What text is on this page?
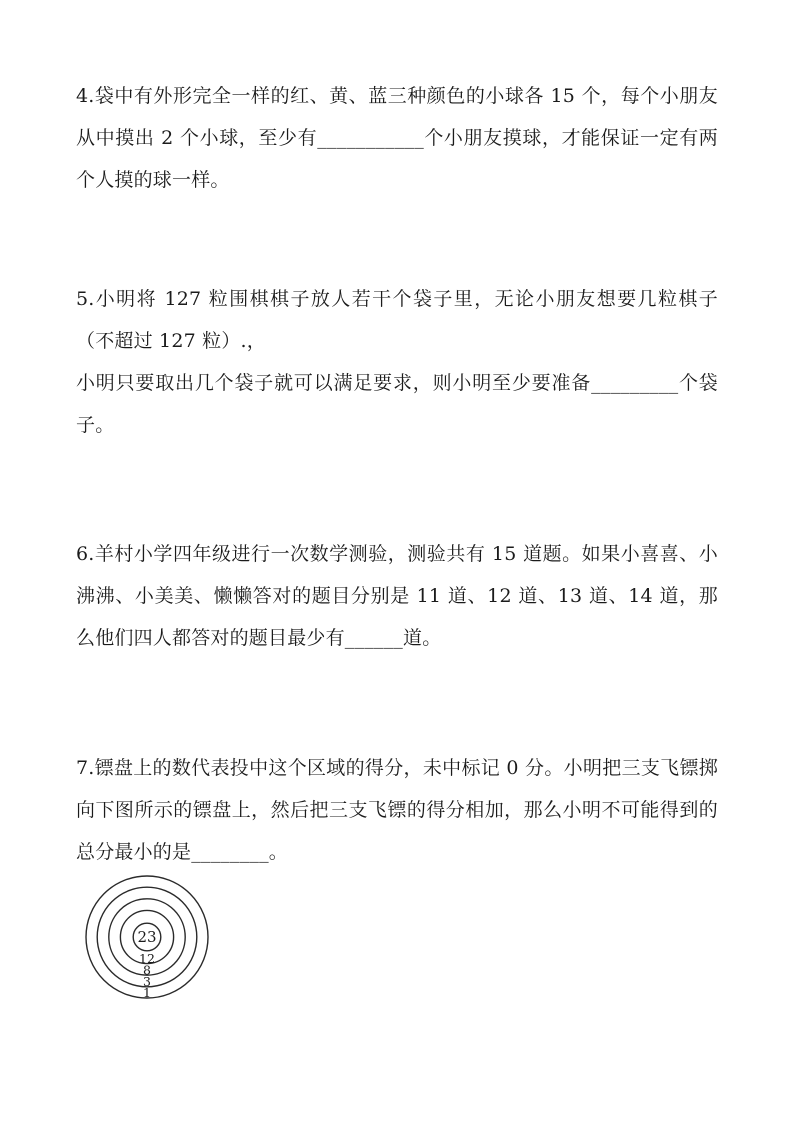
4.袋中有外形完全一样的红、黄、蓝三种颜色的小球各 15 个，每个小朋友从中摸出 2 个小球，至少有___________个小朋友摸球，才能保证一定有两个人摸的球一样。

5.小明将 127 粒围棋棋子放人若干个袋子里，无论小朋友想要几粒棋子（不超过 127 粒）.，

小明只要取出几个袋子就可以满足要求，则小明至少要准备_________个袋子。

6.羊村小学四年级进行一次数学测验，测验共有 15 道题。如果小喜喜、小沸沸、小美美、懒懒答对的题目分别是 11 道、12 道、13 道、14 道，那么他们四人都答对的题目最少有______道。

7.镖盘上的数代表投中这个区域的得分，未中标记 0 分。小明把三支飞镖掷向下图所示的镖盘上，然后把三支飞镖的得分相加，那么小明不可能得到的总分最小的是________。

23
12
8
3
1
